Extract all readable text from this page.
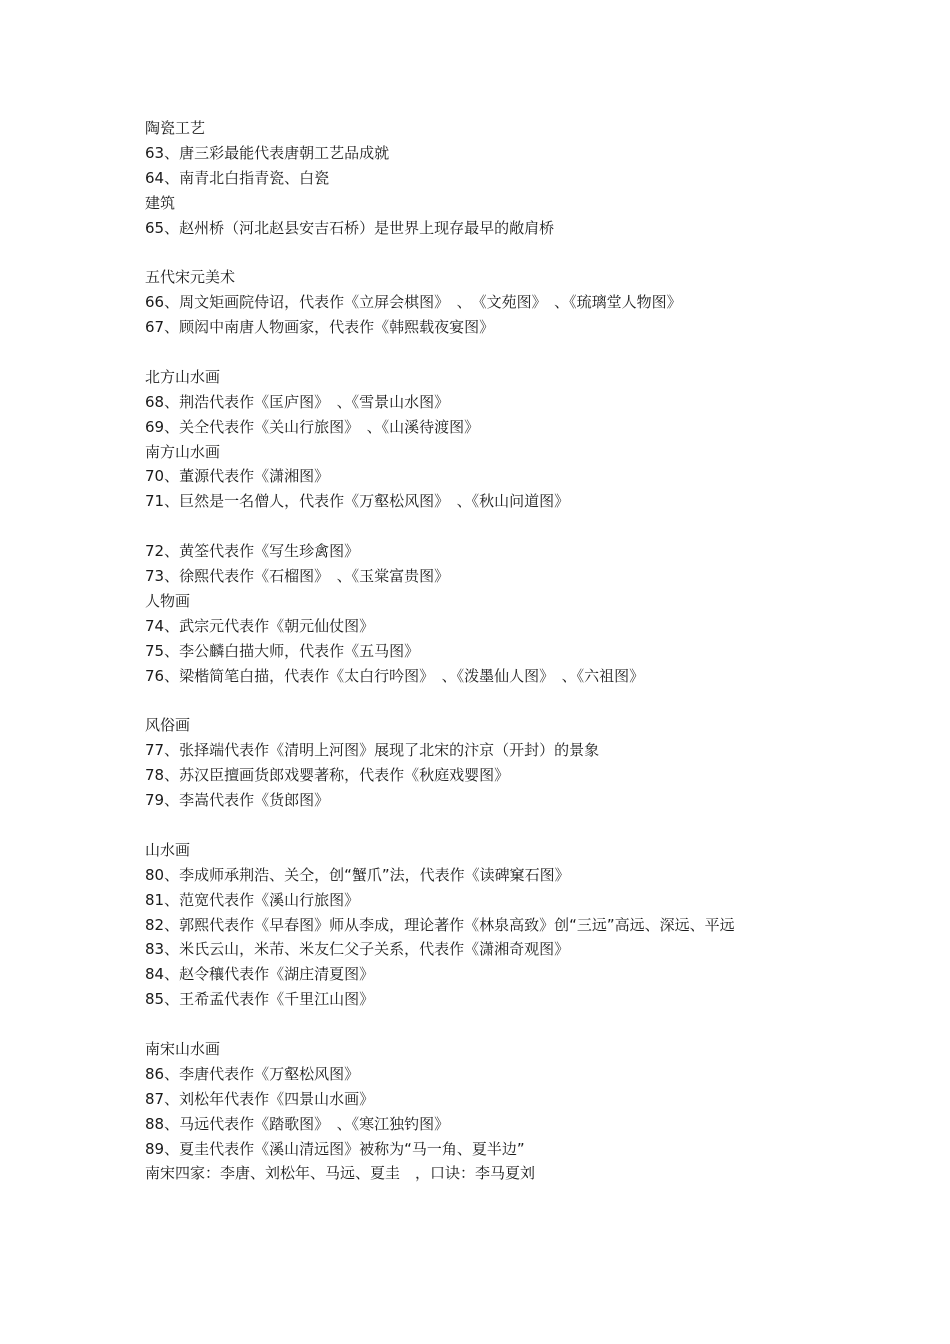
陶瓷工艺
63、唐三彩最能代表唐朝工艺品成就
64、南青北白指青瓷、白瓷
建筑
65、赵州桥（河北赵县安吉石桥）是世界上现存最早的敞肩桥
五代宋元美术
66、周文矩画院侍诏，代表作《立屏会棋图》　、　《文苑图》　、《琉璃堂人物图》
67、顾闳中南唐人物画家，代表作《韩熙载夜宴图》
北方山水画
68、荆浩代表作《匡庐图》　、《雪景山水图》
69、关仝代表作《关山行旅图》　、《山溪待渡图》
南方山水画
70、董源代表作《潇湘图》
71、巨然是一名僧人，代表作《万壑松风图》　、《秋山问道图》
72、黄筌代表作《写生珍禽图》
73、徐熙代表作《石榴图》　、《玉棠富贵图》
人物画
74、武宗元代表作《朝元仙仗图》
75、李公麟白描大师，代表作《五马图》
76、梁楷简笔白描，代表作《太白行吟图》　、《泼墨仙人图》　、《六祖图》
风俗画
77、张择端代表作《清明上河图》展现了北宋的汴京（开封）的景象
78、苏汉臣擅画货郎戏婴著称，代表作《秋庭戏婴图》
79、李嵩代表作《货郎图》
山水画
80、李成师承荆浩、关仝，创“蟹爪”法，代表作《读碑窠石图》
81、范宽代表作《溪山行旅图》
82、郭熙代表作《早春图》师从李成，理论著作《林泉高致》创“三远”高远、深远、平远
83、米氏云山，米芾、米友仁父子关系，代表作《潇湘奇观图》
84、赵令穰代表作《湖庄清夏图》
85、王希孟代表作《千里江山图》
南宋山水画
86、李唐代表作《万壑松风图》
87、刘松年代表作《四景山水画》
88、马远代表作《踏歌图》　、《寒江独钓图》
89、夏圭代表作《溪山清远图》被称为“马一角、夏半边”
南宋四家：李唐、刘松年、马远、夏圭　，口诀：李马夏刘
